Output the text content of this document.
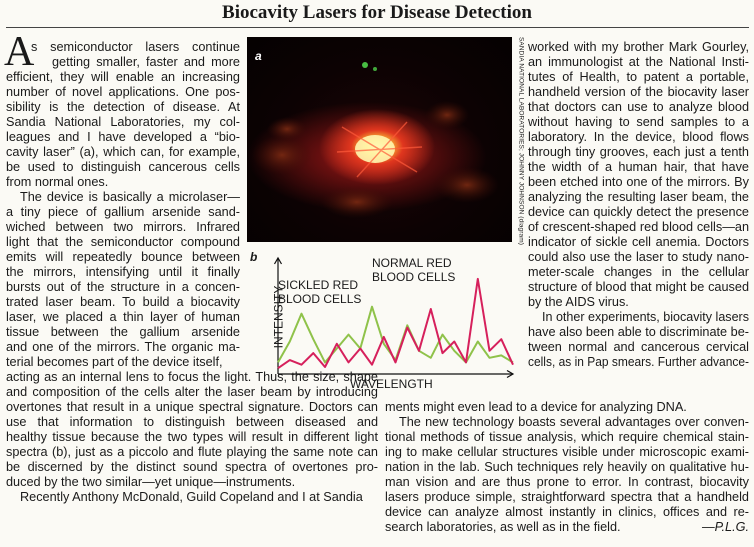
Biocavity Lasers for Disease Detection
A
s semiconductor lasers continue
getting smaller, faster and more
efficient, they will enable an increasing
number of novel applications. One pos-
sibility is the detection of disease. At
Sandia National Laboratories, my col-
leagues and I have developed a “bio-
cavity laser” (a), which can, for example,
be used to distinguish cancerous cells
from normal ones.
The device is basically a microlaser—
a tiny piece of gallium arsenide sand-
wiched between two mirrors. Infrared
light that the semiconductor compound
emits will repeatedly bounce between
the mirrors, intensifying until it finally
bursts out of the structure in a concen-
trated laser beam. To build a biocavity
laser, we placed a thin layer of human
tissue between the gallium arsenide
and one of the mirrors. The organic ma-
terial becomes part of the device itself,
acting as an internal lens to focus the light. Thus, the size, shape
and composition of the cells alter the laser beam by introducing
overtones that result in a unique spectral signature. Doctors can
use that information to distinguish between diseased and
healthy tissue because the two types will result in different light
spectra (b), just as a piccolo and flute playing the same note can
be discerned by the distinct sound spectra of overtones pro-
duced by the two similar—yet unique—instruments.
Recently Anthony McDonald, Guild Copeland and I at Sandia
worked with my brother Mark Gourley,
an immunologist at the National Insti-
tutes of Health, to patent a portable,
handheld version of the biocavity laser
that doctors can use to analyze blood
without having to send samples to a
laboratory. In the device, blood flows
through tiny grooves, each just a tenth
the width of a human hair, that have
been etched into one of the mirrors. By
analyzing the resulting laser beam, the
device can quickly detect the presence
of crescent-shaped red blood cells—an
indicator of sickle cell anemia. Doctors
could also use the laser to study nano-
meter-scale changes in the cellular
structure of blood that might be caused
by the AIDS virus.
In other experiments, biocavity lasers
have also been able to discriminate be-
tween normal and cancerous cervical
cells, as in Pap smears. Further advance-
ments might even lead to a device for analyzing DNA.
The new technology boasts several advantages over conven-
tional methods of tissue analysis, which require chemical stain-
ing to make cellular structures visible under microscopic exami-
nation in the lab. Such techniques rely heavily on qualitative hu-
man vision and are thus prone to error. In contrast, biocavity
lasers produce simple, straightforward spectra that a handheld
device can analyze almost instantly in clinics, offices and re-
search laboratories, as well as in the field.	—P.L.G.
a	SANDIA NATIONAL LABORATORIES; JOHNNY JOHNSON (diagram)
b
INTENSITY
WAVELENGTH
SICKLED RED
BLOOD CELLS
NORMAL RED
BLOOD CELLS
